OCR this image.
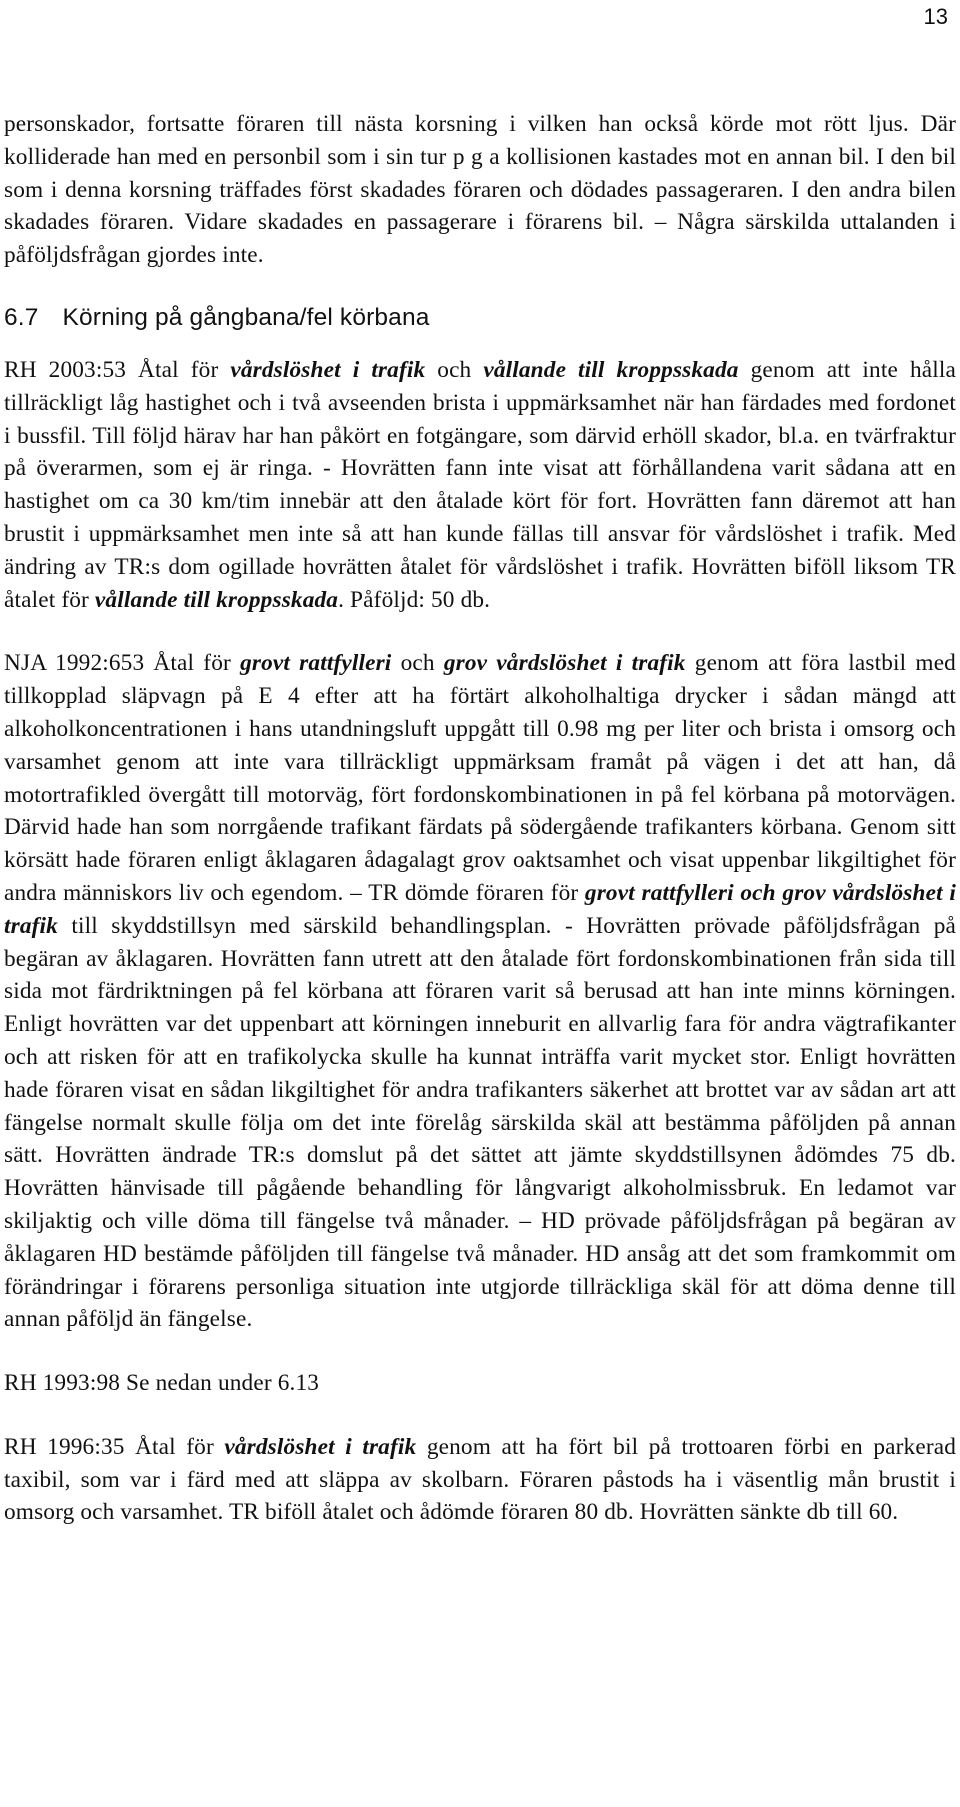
13

personskador, fortsatte föraren till nästa korsning i vilken han också körde mot rött ljus. Där kolliderade han med en personbil som i sin tur p g a kollisionen kastades mot en annan bil. I den bil som i denna korsning träffades först skadades föraren och dödades passageraren. I den andra bilen skadades föraren. Vidare skadades en passagerare i förarens bil. – Några särskilda uttalanden i påföljdsfrågan gjordes inte.

6.7 Körning på gångbana/fel körbana

RH 2003:53 Åtal för vårdslöshet i trafik och vållande till kroppsskada genom att inte hålla tillräckligt låg hastighet och i två avseenden brista i uppmärksamhet när han färdades med fordonet i bussfil. Till följd härav har han påkört en fotgängare, som därvid erhöll skador, bl.a. en tvärfraktur på överarmen, som ej är ringa. - Hovrätten fann inte visat att förhållandena varit sådana att en hastighet om ca 30 km/tim innebär att den åtalade kört för fort. Hovrätten fann däremot att han brustit i uppmärksamhet men inte så att han kunde fällas till ansvar för vårdslöshet i trafik. Med ändring av TR:s dom ogillade hovrätten åtalet för vårdslöshet i trafik. Hovrätten biföll liksom TR åtalet för vållande till kroppsskada. Påföljd: 50 db.

NJA 1992:653 Åtal för grovt rattfylleri och grov vårdslöshet i trafik genom att föra lastbil med tillkopplad släpvagn på E 4 efter att ha förtärt alkoholhaltiga drycker i sådan mängd att alkoholkoncentrationen i hans utandningsluft uppgått till 0.98 mg per liter och brista i omsorg och varsamhet genom att inte vara tillräckligt uppmärksam framåt på vägen i det att han, då motortrafikled övergått till motorväg, fört fordonskombinationen in på fel körbana på motorvägen. Därvid hade han som norrgående trafikant färdats på södergående trafikanters körbana. Genom sitt körsätt hade föraren enligt åklagaren ådagalagt grov oaktsamhet och visat uppenbar likgiltighet för andra människors liv och egendom. – TR dömde föraren för grovt rattfylleri och grov vårdslöshet i trafik till skyddstillsyn med särskild behandlingsplan. - Hovrätten prövade påföljdsfrågan på begäran av åklagaren. Hovrätten fann utrett att den åtalade fört fordonskombinationen från sida till sida mot färdriktningen på fel körbana att föraren varit så berusad att han inte minns körningen. Enligt hovrätten var det uppenbart att körningen inneburit en allvarlig fara för andra vägtrafikanter och att risken för att en trafikolycka skulle ha kunnat inträffa varit mycket stor. Enligt hovrätten hade föraren visat en sådan likgiltighet för andra trafikanters säkerhet att brottet var av sådan art att fängelse normalt skulle följa om det inte förelåg särskilda skäl att bestämma påföljden på annan sätt. Hovrätten ändrade TR:s domslut på det sättet att jämte skyddstillsynen ådömdes 75 db. Hovrätten hänvisade till pågående behandling för långvarigt alkoholmissbruk. En ledamot var skiljaktig och ville döma till fängelse två månader. – HD prövade påföljdsfrågan på begäran av åklagaren HD bestämde påföljden till fängelse två månader. HD ansåg att det som framkommit om förändringar i förarens personliga situation inte utgjorde tillräckliga skäl för att döma denne till annan påföljd än fängelse.

RH 1993:98 Se nedan under 6.13

RH 1996:35 Åtal för vårdslöshet i trafik genom att ha fört bil på trottoaren förbi en parkerad taxibil, som var i färd med att släppa av skolbarn. Föraren påstods ha i väsentlig mån brustit i omsorg och varsamhet. TR biföll åtalet och ådömde föraren 80 db. Hovrätten sänkte db till 60.
